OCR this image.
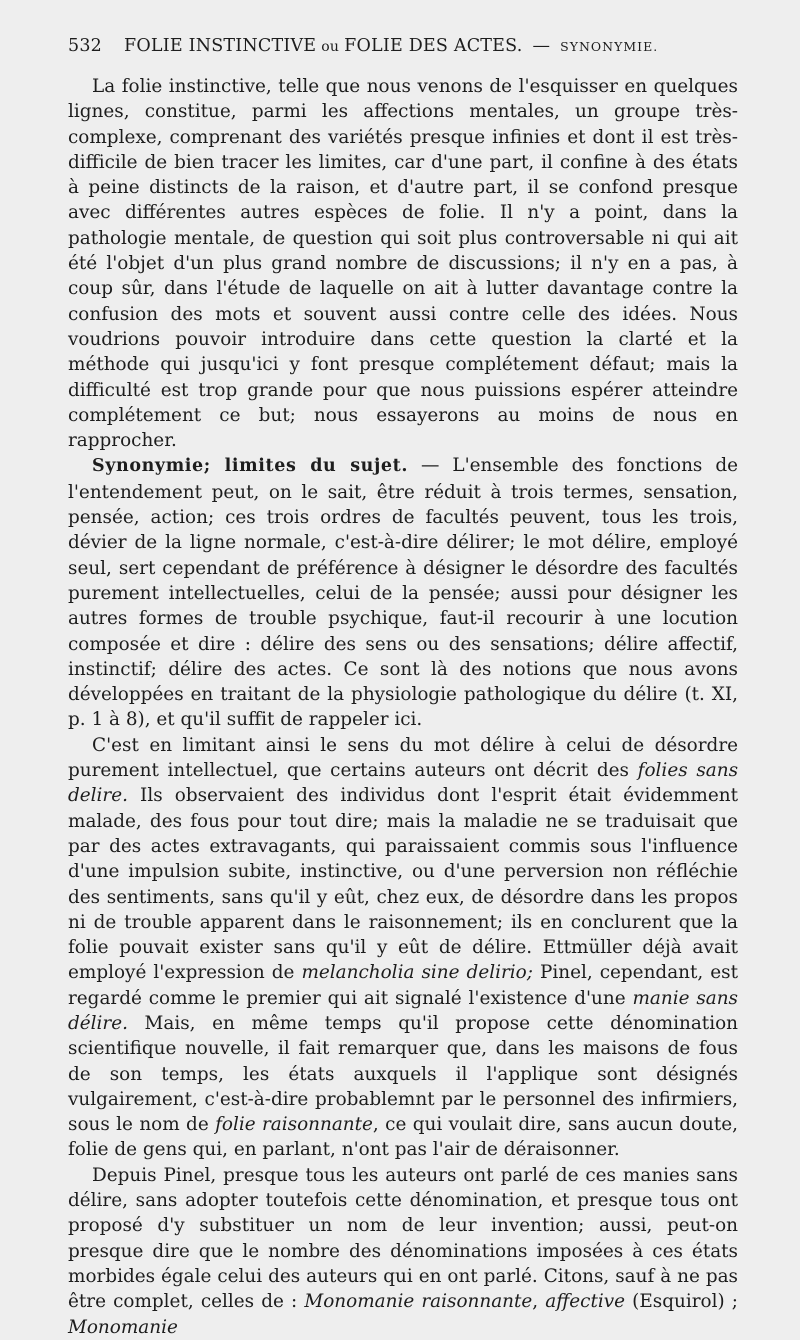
532 FOLIE INSTINCTIVE ou FOLIE DES ACTES. — SYNONYMIE.

La folie instinctive, telle que nous venons de l'esquisser en quelques lignes, constitue, parmi les affections mentales, un groupe très-complexe, comprenant des variétés presque infinies et dont il est très-difficile de bien tracer les limites, car d'une part, il confine à des états à peine distincts de la raison, et d'autre part, il se confond presque avec différentes autres espèces de folie. Il n'y a point, dans la pathologie mentale, de question qui soit plus controversable ni qui ait été l'objet d'un plus grand nombre de discussions; il n'y en a pas, à coup sûr, dans l'étude de laquelle on ait à lutter davantage contre la confusion des mots et souvent aussi contre celle des idées. Nous voudrions pouvoir introduire dans cette question la clarté et la méthode qui jusqu'ici y font presque complétement défaut; mais la difficulté est trop grande pour que nous puissions espérer atteindre complétement ce but; nous essayerons au moins de nous en rapprocher.

Synonymie; limites du sujet. — L'ensemble des fonctions de l'entendement peut, on le sait, être réduit à trois termes, sensation, pensée, action; ces trois ordres de facultés peuvent, tous les trois, dévier de la ligne normale, c'est-à-dire délirer; le mot délire, employé seul, sert cependant de préférence à désigner le désordre des facultés purement intellectuelles, celui de la pensée; aussi pour désigner les autres formes de trouble psychique, faut-il recourir à une locution composée et dire : délire des sens ou des sensations; délire affectif, instinctif; délire des actes. Ce sont là des notions que nous avons développées en traitant de la physiologie pathologique du délire (t. XI, p. 1 à 8), et qu'il suffit de rappeler ici.

C'est en limitant ainsi le sens du mot délire à celui de désordre purement intellectuel, que certains auteurs ont décrit des folies sans delire. Ils observaient des individus dont l'esprit était évidemment malade, des fous pour tout dire; mais la maladie ne se traduisait que par des actes extravagants, qui paraissaient commis sous l'influence d'une impulsion subite, instinctive, ou d'une perversion non réfléchie des sentiments, sans qu'il y eût, chez eux, de désordre dans les propos ni de trouble apparent dans le raisonnement; ils en conclurent que la folie pouvait exister sans qu'il y eût de délire. Ettmüller déjà avait employé l'expression de melancholia sine delirio; Pinel, cependant, est regardé comme le premier qui ait signalé l'existence d'une manie sans délire. Mais, en même temps qu'il propose cette dénomination scientifique nouvelle, il fait remarquer que, dans les maisons de fous de son temps, les états auxquels il l'applique sont désignés vulgairement, c'est-à-dire probablemnt par le personnel des infirmiers, sous le nom de folie raisonnante, ce qui voulait dire, sans aucun doute, folie de gens qui, en parlant, n'ont pas l'air de déraisonner.

Depuis Pinel, presque tous les auteurs ont parlé de ces manies sans délire, sans adopter toutefois cette dénomination, et presque tous ont proposé d'y substituer un nom de leur invention; aussi, peut-on presque dire que le nombre des dénominations imposées à ces états morbides égale celui des auteurs qui en ont parlé. Citons, sauf à ne pas être complet, celles de : Monomanie raisonnante, affective (Esquirol) ; Monomanie
